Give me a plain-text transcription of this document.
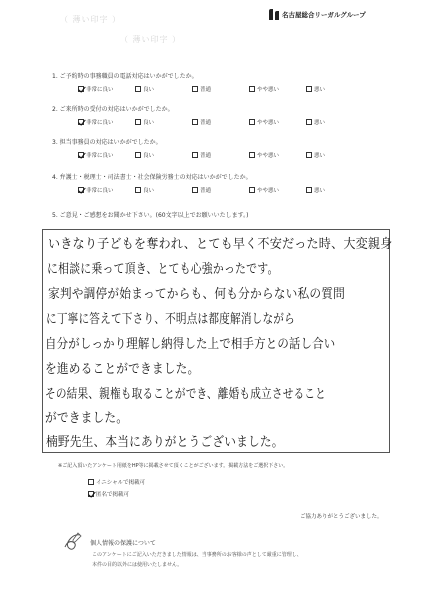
（ 薄い印字 ）
（ 薄い印字 ）
名古屋総合リーガルグループ
1. ご予約時の事務職員の電話対応はいかがでしたか。
非常に良い	良い	普通	やや悪い	悪い
2. ご来所時の受付の対応はいかがでしたか。
非常に良い	良い	普通	やや悪い	悪い
3. 担当事務員の対応はいかがでしたか。
非常に良い	良い	普通	やや悪い	悪い
4. 弁護士・税理士・司法書士・社会保険労務士の対応はいかがでしたか。
非常に良い	良い	普通	やや悪い	悪い
5. ご意見・ご感想をお聞かせ下さい。(60文字以上でお願いいたします。)
いきなり子どもを奪われ、とても早く不安だった時、大変親身
に相談に乗って頂き、とても心強かったです。
家判や調停が始まってからも、何も分からない私の質問
に丁寧に答えて下さり、不明点は都度解消しながら
自分がしっかり理解し納得した上で相手方との話し合い
を進めることができました。
その結果、親権も取ることができ、離婚も成立させること
ができました。
楠野先生、本当にありがとうございました。
※ご記入頂いたアンケート用紙をHP等に掲載させて頂くことがございます。掲載方法をご選択下さい。
イニシャルで掲載可
匿名で掲載可
ご協力ありがとうございました。
個人情報の保護について
このアンケートにご記入いただきました情報は、当事務所のお客様の声として厳重に管理し、
本件の目的以外には使用いたしません。
